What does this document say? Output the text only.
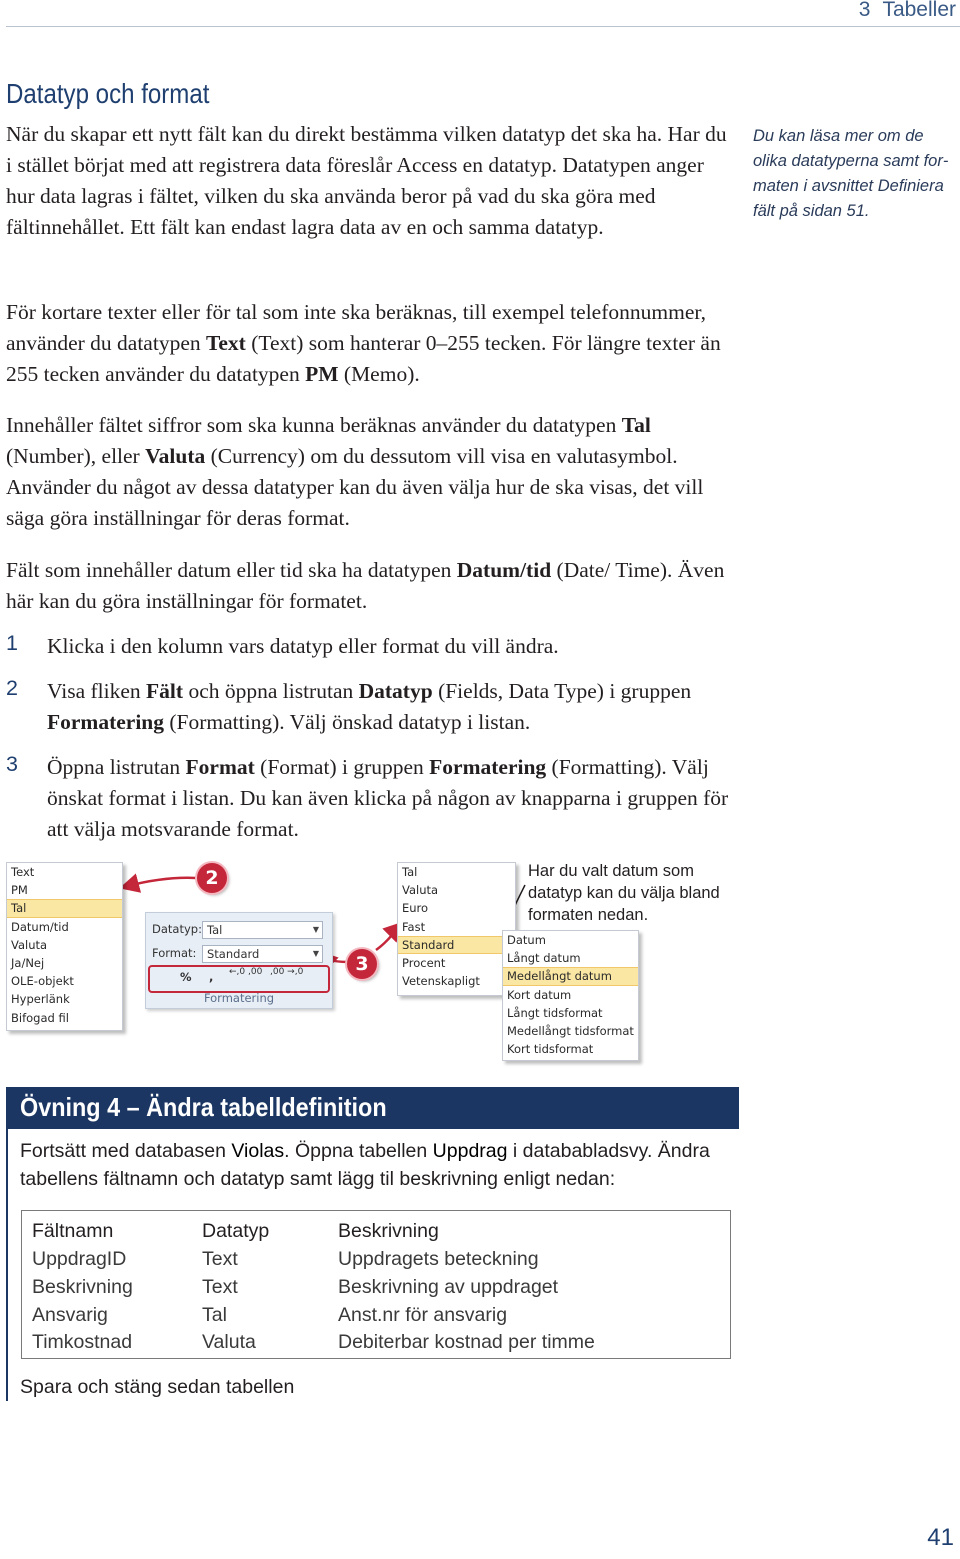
3 Tabeller
Datatyp och format
När du skapar ett nytt fält kan du direkt bestämma vilken datatyp det ska ha. Har du i stället börjat med att registrera data föreslår Access en datatyp. Datatypen anger hur data lagras i fältet, vilken du ska använda beror på vad du ska göra med fältinnehållet. Ett fält kan endast lagra data av en och samma datatyp.
Du kan läsa mer om de olika datatyperna samt formaten i avsnittet Definiera fält på sidan 51.
För kortare texter eller för tal som inte ska beräknas, till exempel telefonnummer, använder du datatypen Text (Text) som hanterar 0–255 tecken. För längre texter än 255 tecken använder du datatypen PM (Memo).
Innehåller fältet siffror som ska kunna beräknas använder du datatypen Tal (Number), eller Valuta (Currency) om du dessutom vill visa en valutasymbol. Använder du något av dessa datatyper kan du även välja hur de ska visas, det vill säga göra inställningar för deras format.
Fält som innehåller datum eller tid ska ha datatypen Datum/tid (Date/ Time). Även här kan du göra inställningar för formatet.
1 Klicka i den kolumn vars datatyp eller format du vill ändra.
2 Visa fliken Fält och öppna listrutan Datatyp (Fields, Data Type) i gruppen Formatering (Formatting). Välj önskad datatyp i listan.
3 Öppna listrutan Format (Format) i gruppen Formatering (Formatting). Välj önskat format i listan. Du kan även klicka på någon av knapparna i gruppen för att välja motsvarande format.
Text
PM
Tal
Datum/tid
Valuta
Ja/Nej
OLE-objekt
Hyperlänk
Bifogad fil
2
Datatyp: Tal	▼
Format: Standard	▼
% , ←,0 ,00 ,00 →,0
Formatering
3
Tal
Valuta
Euro
Fast
Standard
Procent
Vetenskapligt
Datum
Långt datum
Medellångt datum
Kort datum
Långt tidsformat
Medellångt tidsformat
Kort tidsformat
Har du valt datum som datatyp kan du välja bland formaten nedan.
Övning 4 – Ändra tabelldefinition
Fortsätt med databasen Violas. Öppna tabellen Uppdrag i datababladsvy. Ändra tabellens fältnamn och datatyp samt lägg til beskrivning enligt nedan:
Fältnamn	Datatyp	Beskrivning
UppdragID	Text	Uppdragets beteckning
Beskrivning	Text	Beskrivning av uppdraget
Ansvarig	Tal	Anst.nr för ansvarig
Timkostnad	Valuta	Debiterbar kostnad per timme
Spara och stäng sedan tabellen
41
